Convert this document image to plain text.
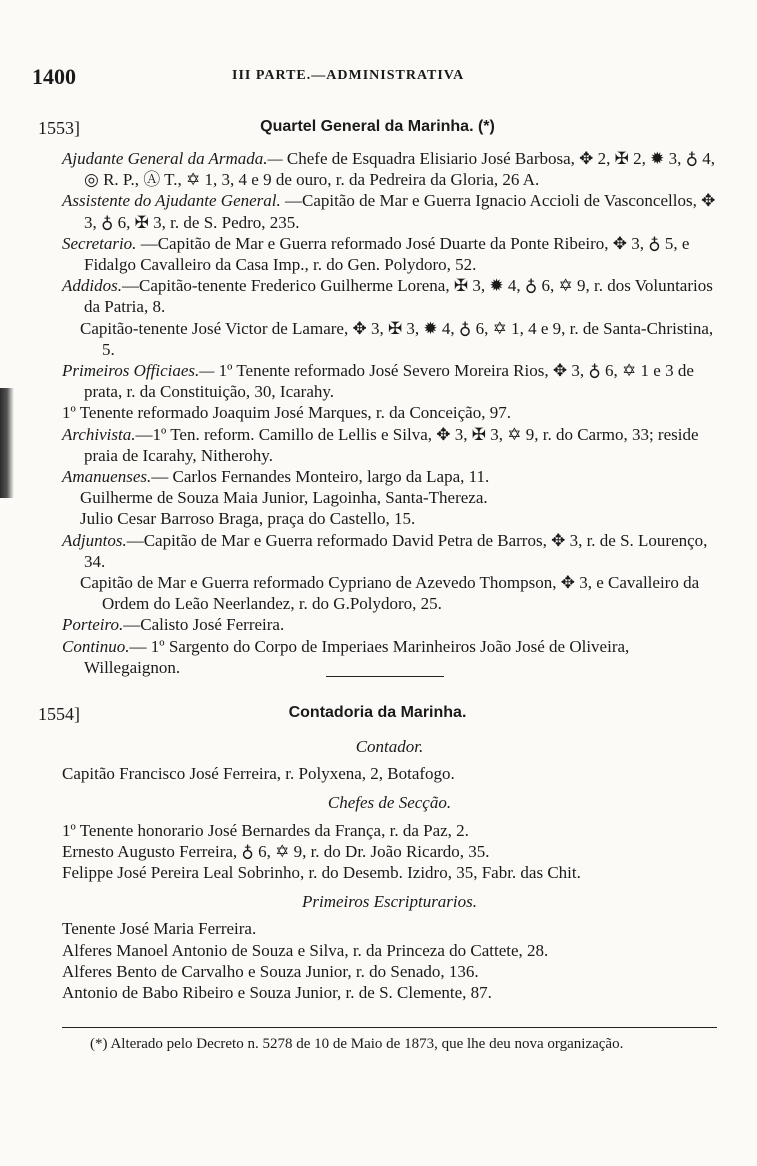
1400	III PARTE.—ADMINISTRATIVA
1553]	Quartel General da Marinha. (*)

Ajudante General da Armada.— Chefe de Esquadra Elisiario José Barbosa, ✥ 2, ✠ 2, ✹ 3, ♁ 4, ◎ R. P., Ⓐ T., ✡ 1, 3, 4 e 9 de ouro, r. da Pedreira da Gloria, 26 A.

Assistente do Ajudante General. —Capitão de Mar e Guerra Ignacio Accioli de Vasconcellos, ✥ 3, ♁ 6, ✠ 3, r. de S. Pedro, 235.

Secretario. —Capitão de Mar e Guerra reformado José Duarte da Ponte Ribeiro, ✥ 3, ♁ 5, e Fidalgo Cavalleiro da Casa Imp., r. do Gen. Polydoro, 52.

Addidos.—Capitão-tenente Frederico Guilherme Lorena, ✠ 3, ✹ 4, ♁ 6, ✡ 9, r. dos Voluntarios da Patria, 8.

Capitão-tenente José Victor de Lamare, ✥ 3, ✠ 3, ✹ 4, ♁ 6, ✡ 1, 4 e 9, r. de Santa-Christina, 5.

Primeiros Officiaes.— 1º Tenente reformado José Severo Moreira Rios, ✥ 3, ♁ 6, ✡ 1 e 3 de prata, r. da Constituição, 30, Icarahy.

1º Tenente reformado Joaquim José Marques, r. da Conceição, 97.

Archivista.—1º Ten. reform. Camillo de Lellis e Silva, ✥ 3, ✠ 3, ✡ 9, r. do Carmo, 33; reside praia de Icarahy, Nitherohy.

Amanuenses.— Carlos Fernandes Monteiro, largo da Lapa, 11.

Guilherme de Souza Maia Junior, Lagoinha, Santa-Thereza.

Julio Cesar Barroso Braga, praça do Castello, 15.

Adjuntos.—Capitão de Mar e Guerra reformado David Petra de Barros, ✥ 3, r. de S. Lourenço, 34.

Capitão de Mar e Guerra reformado Cypriano de Azevedo Thompson, ✥ 3, e Cavalleiro da Ordem do Leão Neerlandez, r. do G.Polydoro, 25.

Porteiro.—Calisto José Ferreira.

Continuo.— 1º Sargento do Corpo de Imperiaes Marinheiros João José de Oliveira, Willegaignon.

1554]	Contadoria da Marinha.

Contador.

Capitão Francisco José Ferreira, r. Polyxena, 2, Botafogo.

Chefes de Secção.

1º Tenente honorario José Bernardes da França, r. da Paz, 2.

Ernesto Augusto Ferreira, ♁ 6, ✡ 9, r. do Dr. João Ricardo, 35.

Felippe José Pereira Leal Sobrinho, r. do Desemb. Izidro, 35, Fabr. das Chit.

Primeiros Escripturarios.

Tenente José Maria Ferreira.

Alferes Manoel Antonio de Souza e Silva, r. da Princeza do Cattete, 28.

Alferes Bento de Carvalho e Souza Junior, r. do Senado, 136.

Antonio de Babo Ribeiro e Souza Junior, r. de S. Clemente, 87.

(*) Alterado pelo Decreto n. 5278 de 10 de Maio de 1873, que lhe deu nova organização.
